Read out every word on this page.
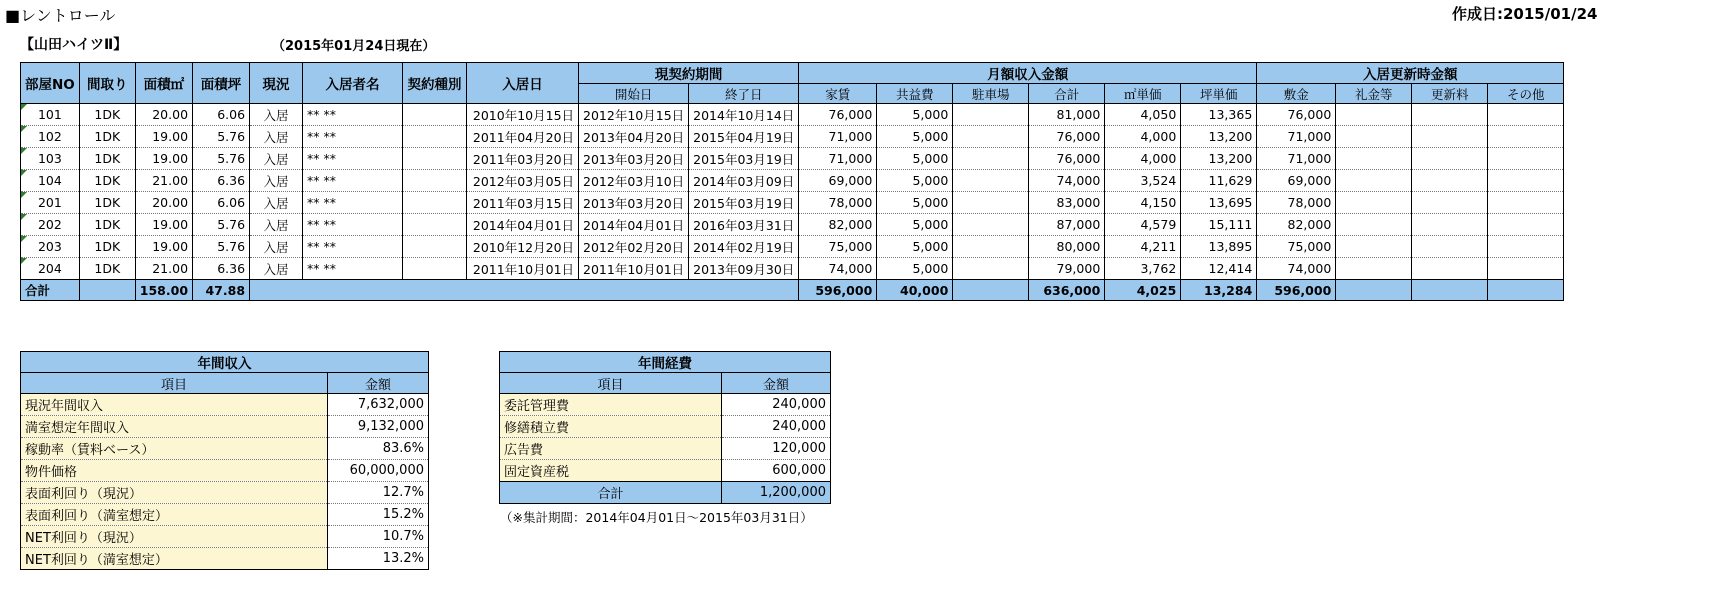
■レントロール	作成日:2015/01/24
【山田ハイツⅡ】	（2015年01月24日現在）
部屋NO	間取り	面積㎡	面積坪	現況	入居者名	契約種別	入居日	現契約期間		月額収入金額						入居更新時金額			
								開始日	終了日	家賃	共益費	駐車場	合計	㎡単価	坪単価	敷金	礼金等	更新料	その他
101	1DK	20.00	6.06	入居	** **		2010年10月15日	2012年10月15日	2014年10月14日	76,000	5,000		81,000	4,050	13,365	76,000			
102	1DK	19.00	5.76	入居	** **		2011年04月20日	2013年04月20日	2015年04月19日	71,000	5,000		76,000	4,000	13,200	71,000			
103	1DK	19.00	5.76	入居	** **		2011年03月20日	2013年03月20日	2015年03月19日	71,000	5,000		76,000	4,000	13,200	71,000			
104	1DK	21.00	6.36	入居	** **		2012年03月05日	2012年03月10日	2014年03月09日	69,000	5,000		74,000	3,524	11,629	69,000			
201	1DK	20.00	6.06	入居	** **		2011年03月15日	2013年03月20日	2015年03月19日	78,000	5,000		83,000	4,150	13,695	78,000			
202	1DK	19.00	5.76	入居	** **		2014年04月01日	2014年04月01日	2016年03月31日	82,000	5,000		87,000	4,579	15,111	82,000			
203	1DK	19.00	5.76	入居	** **		2010年12月20日	2012年02月20日	2014年02月19日	75,000	5,000		80,000	4,211	13,895	75,000			
204	1DK	21.00	6.36	入居	** **		2011年10月01日	2011年10月01日	2013年09月30日	74,000	5,000		79,000	3,762	12,414	74,000			
合計		158.00	47.88							596,000	40,000		636,000	4,025	13,284	596,000			
年間収入	
項目	金額
現況年間収入	7,632,000
満室想定年間収入	9,132,000
稼動率（賃料ベース）	83.6%
物件価格	60,000,000
表面利回り（現況）	12.7%
表面利回り（満室想定）	15.2%
NET利回り（現況）	10.7%
NET利回り（満室想定）	13.2%
年間経費	
項目	金額
委託管理費	240,000
修繕積立費	240,000
広告費	120,000
固定資産税	600,000
合計	1,200,000
（※集計期間：2014年04月01日～2015年03月31日）
